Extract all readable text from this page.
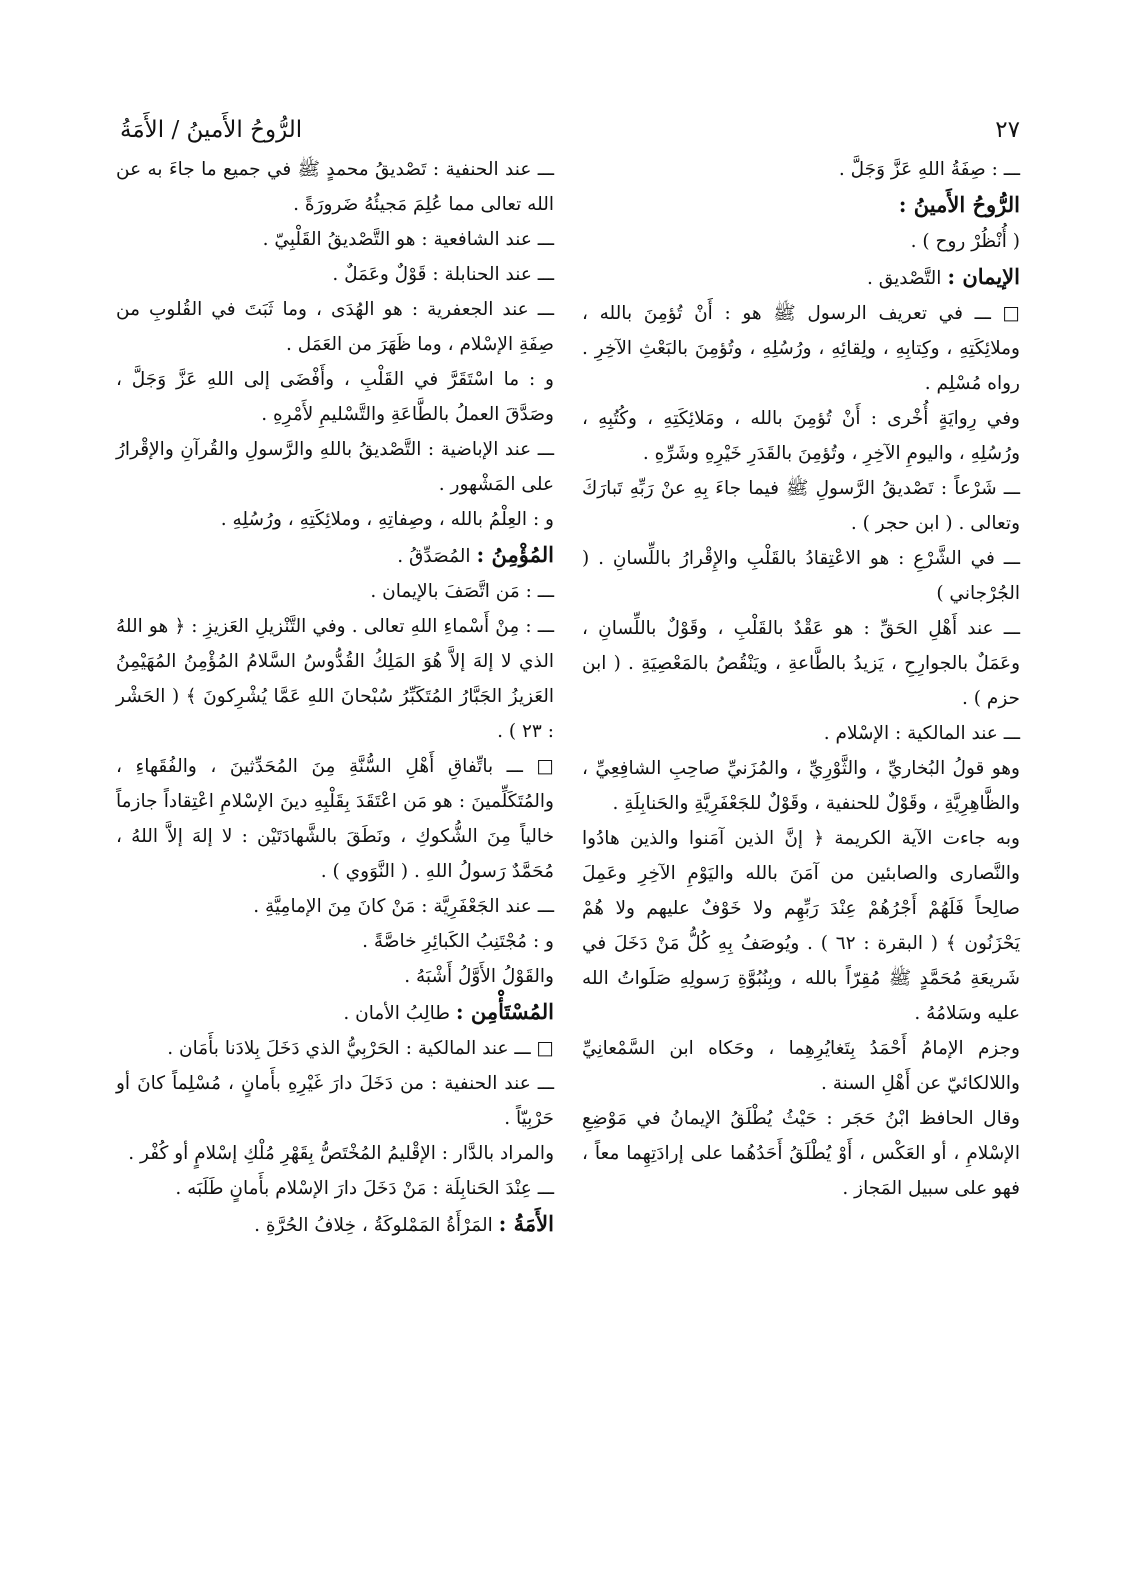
الرُّوحُ الأَمينُ / الأَمَةُ	٢٧

ـــ : صِفَةُ اللهِ عَزَّ وَجَلَّ .

الرُّوحُ الأَمينُ :

( أُنْظُرْ روح ) .

الإيمان : التَّصْديق .

□ ـــ في تعريف الرسول ﷺ هو : أَنْ تُؤمِنَ بالله ، وملائِكَتِهِ ، وكِتابِهِ ، ولِقائِهِ ، ورُسُلِهِ ، وتُؤمِنَ بالبَعْثِ الآخِرِ . رواه مُسْلِم .

وفي رِوايَةٍ أُخْرى : أَنْ تُؤمِنَ بالله ، ومَلائِكَتِهِ ، وكُتُبِهِ ، ورُسُلِهِ ، واليومِ الآخِرِ ، وتُؤمِنَ بالقَدَرِ خَيْرِهِ وشَرِّهِ .

ـــ شَرْعاً : تَصْديقُ الرَّسولِ ﷺ فيما جاءَ بِهِ عنْ رَبِّهِ تَبارَكَ وتعالى . ( ابن حجر ) .

ـــ في الشَّرْعِ : هو الاعْتِقادُ بالقَلْبِ والإِقْرارُ باللِّسانِ . ( الجُرْجاني )

ـــ عند أَهْلِ الحَقِّ : هو عَقْدٌ بالقَلْبِ ، وقَوْلٌ باللِّسانِ ، وعَمَلٌ بالجوارِحِ ، يَزيدُ بالطَّاعةِ ، ويَنْقُصُ بالمَعْصِيَةِ . ( ابن حزم ) .

ـــ عند المالكية : الإسْلام .

وهو قولُ البُخاريِّ ، والثَّوْرِيِّ ، والمُزَنيِّ صاحِبِ الشافِعِيِّ ، والظَّاهِرِيَّةِ ، وقَوْلٌ للحنفية ، وقَوْلٌ للجَعْفَرِيَّةِ والحَنابِلَةِ .

وبه جاءت الآية الكريمة ﴿ إنَّ الذين آمَنوا والذين هادُوا والنَّصارى والصابئين من آمَنَ بالله واليَوْمِ الآخِرِ وعَمِلَ صالِحاً فَلَهُمْ أَجْرُهُمْ عِنْدَ رَبِّهِم ولا خَوْفٌ عليهم ولا هُمْ يَحْزَنُون ﴾ ( البقرة : ٦٢ ) . ويُوصَفُ بِهِ كُلُّ مَنْ دَخَلَ في شَريعَةِ مُحَمَّدٍ ﷺ مُقِرّاً بالله ، وبِنُبُوَّةِ رَسولِهِ صَلَواتُ الله عليه وسَلامُهُ .

وجزم الإمامُ أَحْمَدُ بِتَغايُرِهِما ، وحَكاه ابن السَّمْعانِيِّ واللالكائيّ عن أَهْلِ السنة .

وقال الحافظ ابْنُ حَجَر : حَيْثُ يُطْلَقُ الإيمانُ في مَوْضِعِ الإسْلامِ ، أو العَكْس ، أَوْ يُطْلَقُ أَحَدُهُما على إرادَتِهِما معاً ، فهو على سبيل المَجاز .

ـــ عند الحنفية : تَصْديقُ محمدٍ ﷺ في جميع ما جاءَ به عن الله تعالى مما عُلِمَ مَجيئُهُ ضَرورَةً .

ـــ عند الشافعية : هو التَّصْديقُ القَلْبِيّ .

ـــ عند الحنابلة : قَوْلٌ وعَمَلٌ .

ـــ عند الجعفرية : هو الهُدَى ، وما ثَبَتَ في القُلوبِ من صِفَةِ الإسْلام ، وما ظَهَرَ من العَمَل .

و : ما اسْتَقَرَّ في القَلْبِ ، وأَفْضَى إلى اللهِ عَزَّ وَجَلَّ ، وصَدَّقَ العملُ بالطَّاعَةِ والتَّسْليمِ لأَمْرِهِ .

ـــ عند الإباضية : التَّصْديقُ باللهِ والرَّسولِ والقُرآنِ والإقْرارُ على المَشْهور .

و : العِلْمُ بالله ، وصِفاتِهِ ، وملائِكَتِهِ ، ورُسُلِهِ .

المُؤْمِنُ : المُصَدِّقُ .

ـــ : مَن اتَّصَفَ بالإيمان .

ـــ : مِنْ أَسْماءِ اللهِ تعالى . وفي التَّنْزيلِ العَزيزِ : ﴿ هو اللهُ الذي لا إلهَ إلاَّ هُوَ المَلِكُ القُدُّوسُ السَّلامُ المُؤْمِنُ المُهَيْمِنُ العَزيزُ الجَبَّارُ المُتَكَبِّرُ سُبْحانَ اللهِ عَمَّا يُشْرِكونَ ﴾ ( الحَشْر : ٢٣ ) .

□ ـــ باتِّفاقِ أَهْلِ السُّنَّةِ مِنَ المُحَدِّثينَ ، والفُقَهاءِ ، والمُتَكَلِّمينَ : هو مَن اعْتَقَدَ بِقَلْبِهِ دينَ الإسْلامِ اعْتِقاداً جازماً خالياً مِنَ الشُّكوكِ ، ونَطَقَ بالشَّهادَتَيْن : لا إلهَ إلاَّ اللهُ ، مُحَمَّدٌ رَسولُ اللهِ . ( النَّوَوي ) .

ـــ عند الجَعْفَرِيَّة : مَنْ كانَ مِنَ الإمامِيَّةِ .

و : مُجْتَنِبُ الكَبائِرِ خاصَّةً .

والقَوْلُ الأَوَّلُ أَشْبَهُ .

المُسْتَأْمِن : طالِبُ الأمان .

□ ـــ عند المالكية : الحَرْبِيُّ الذي دَخَلَ بِلادَنا بأَمَان .

ـــ عند الحنفية : من دَخَلَ دارَ غَيْرِهِ بأَمانٍ ، مُسْلِماً كانَ أو حَرْبِيّاً .

والمراد بالدَّار : الإقْليمُ المُخْتَصُّ بِقَهْرِ مُلْكِ إسْلامٍ أو كُفْر .

ـــ عِنْدَ الحَنابِلَة : مَنْ دَخَلَ دارَ الإسْلام بأَمانٍ طَلَبَه .

الأَمَةُ : المَرْأَةُ المَمْلوكَةُ ، خِلافُ الحُرَّةِ .
